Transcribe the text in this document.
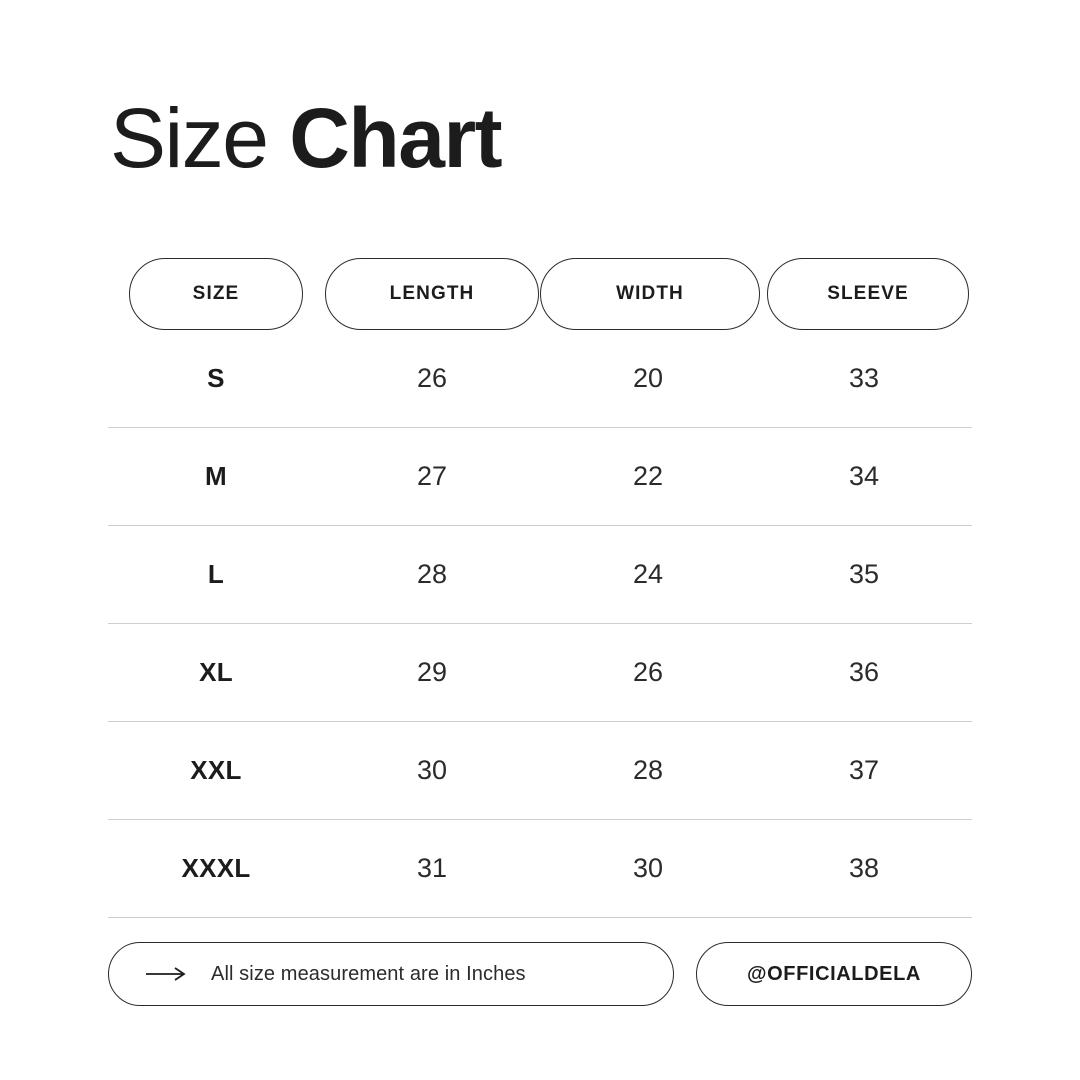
Size Chart
SIZE	LENGTH	WIDTH	SLEEVE
S	26	20	33
M	27	22	34
L	28	24	35
XL	29	26	36
XXL	30	28	37
XXXL	31	30	38
All size measurement are in Inches	@OFFICIALDELA
